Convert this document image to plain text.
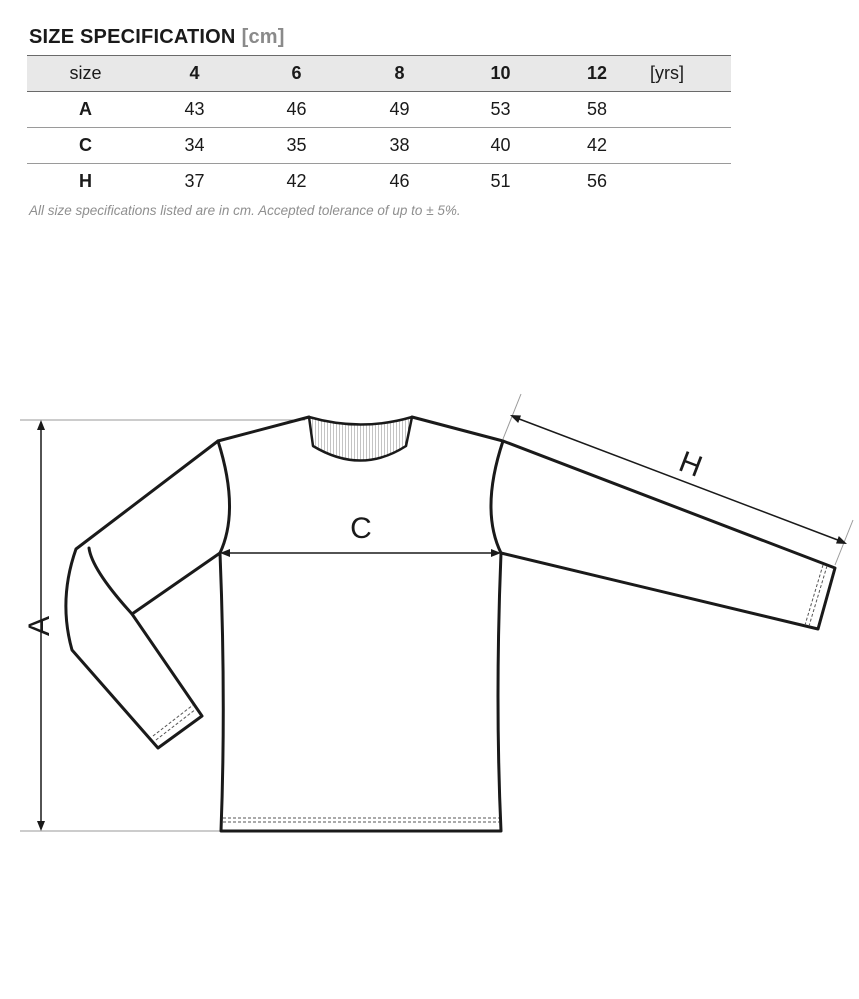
SIZE SPECIFICATION [cm]
size	4	6	8	10	12	[yrs]
A	43	46	49	53	58	
C	34	35	38	40	42	
H	37	42	46	51	56	

All size specifications listed are in cm. Accepted tolerance of up to ± 5%.

A
C
H
